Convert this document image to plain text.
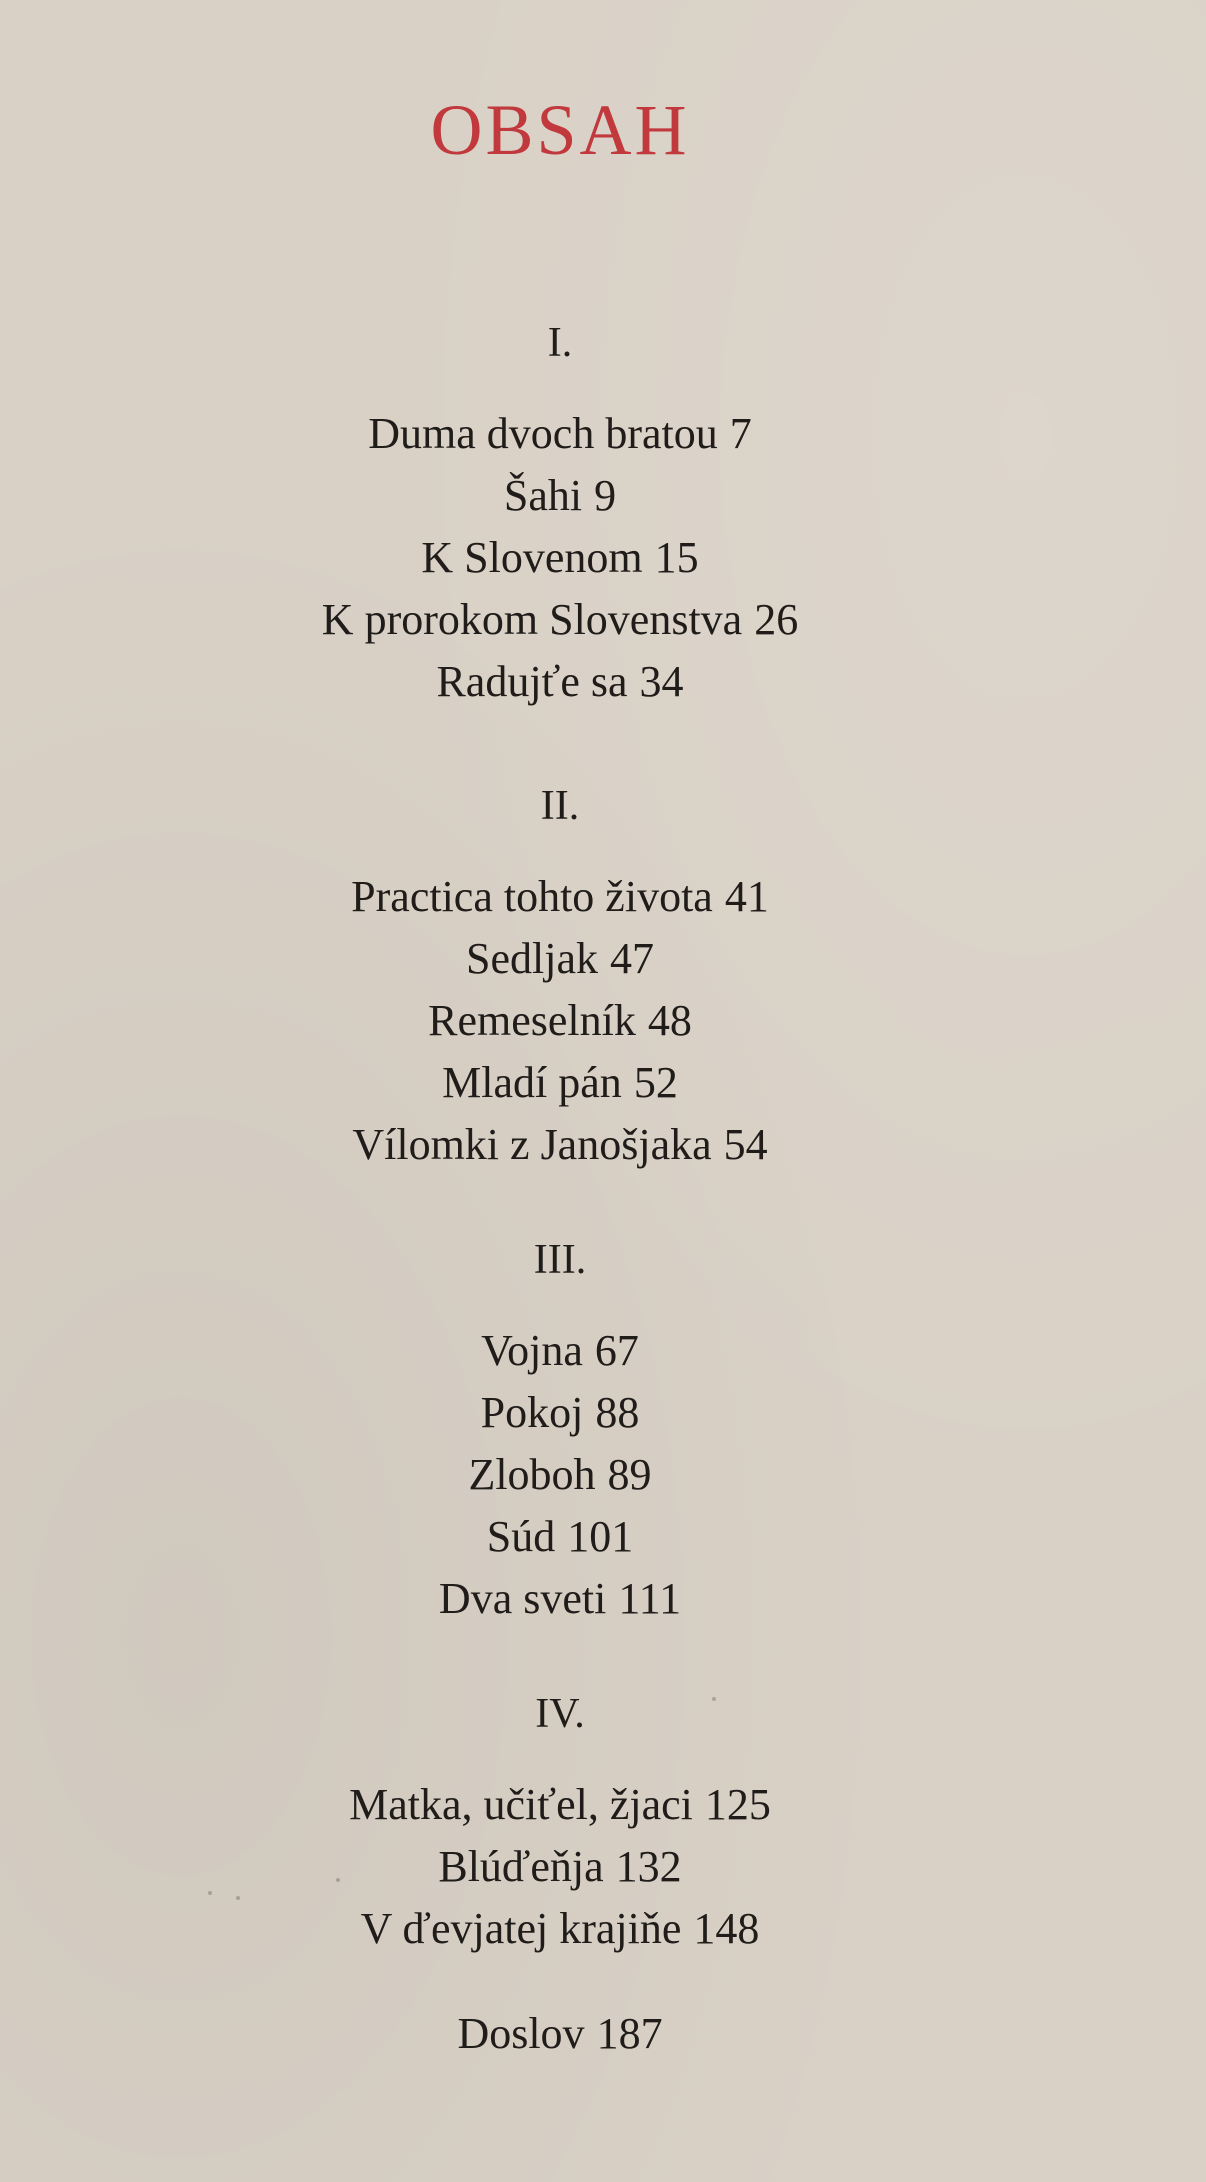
OBSAH
I.
Duma dvoch bratou 7
Šahi 9
K Slovenom 15
K prorokom Slovenstva 26
Radujťe sa 34
II.
Practica tohto života 41
Sedljak 47
Remeselník 48
Mladí pán 52
Vílomki z Janošjaka 54
III.
Vojna 67
Pokoj 88
Zloboh 89
Súd 101
Dva sveti 111
IV.
Matka, učiťel, žjaci 125
Blúďeňja 132
V ďevjatej krajiňe 148
Doslov 187
